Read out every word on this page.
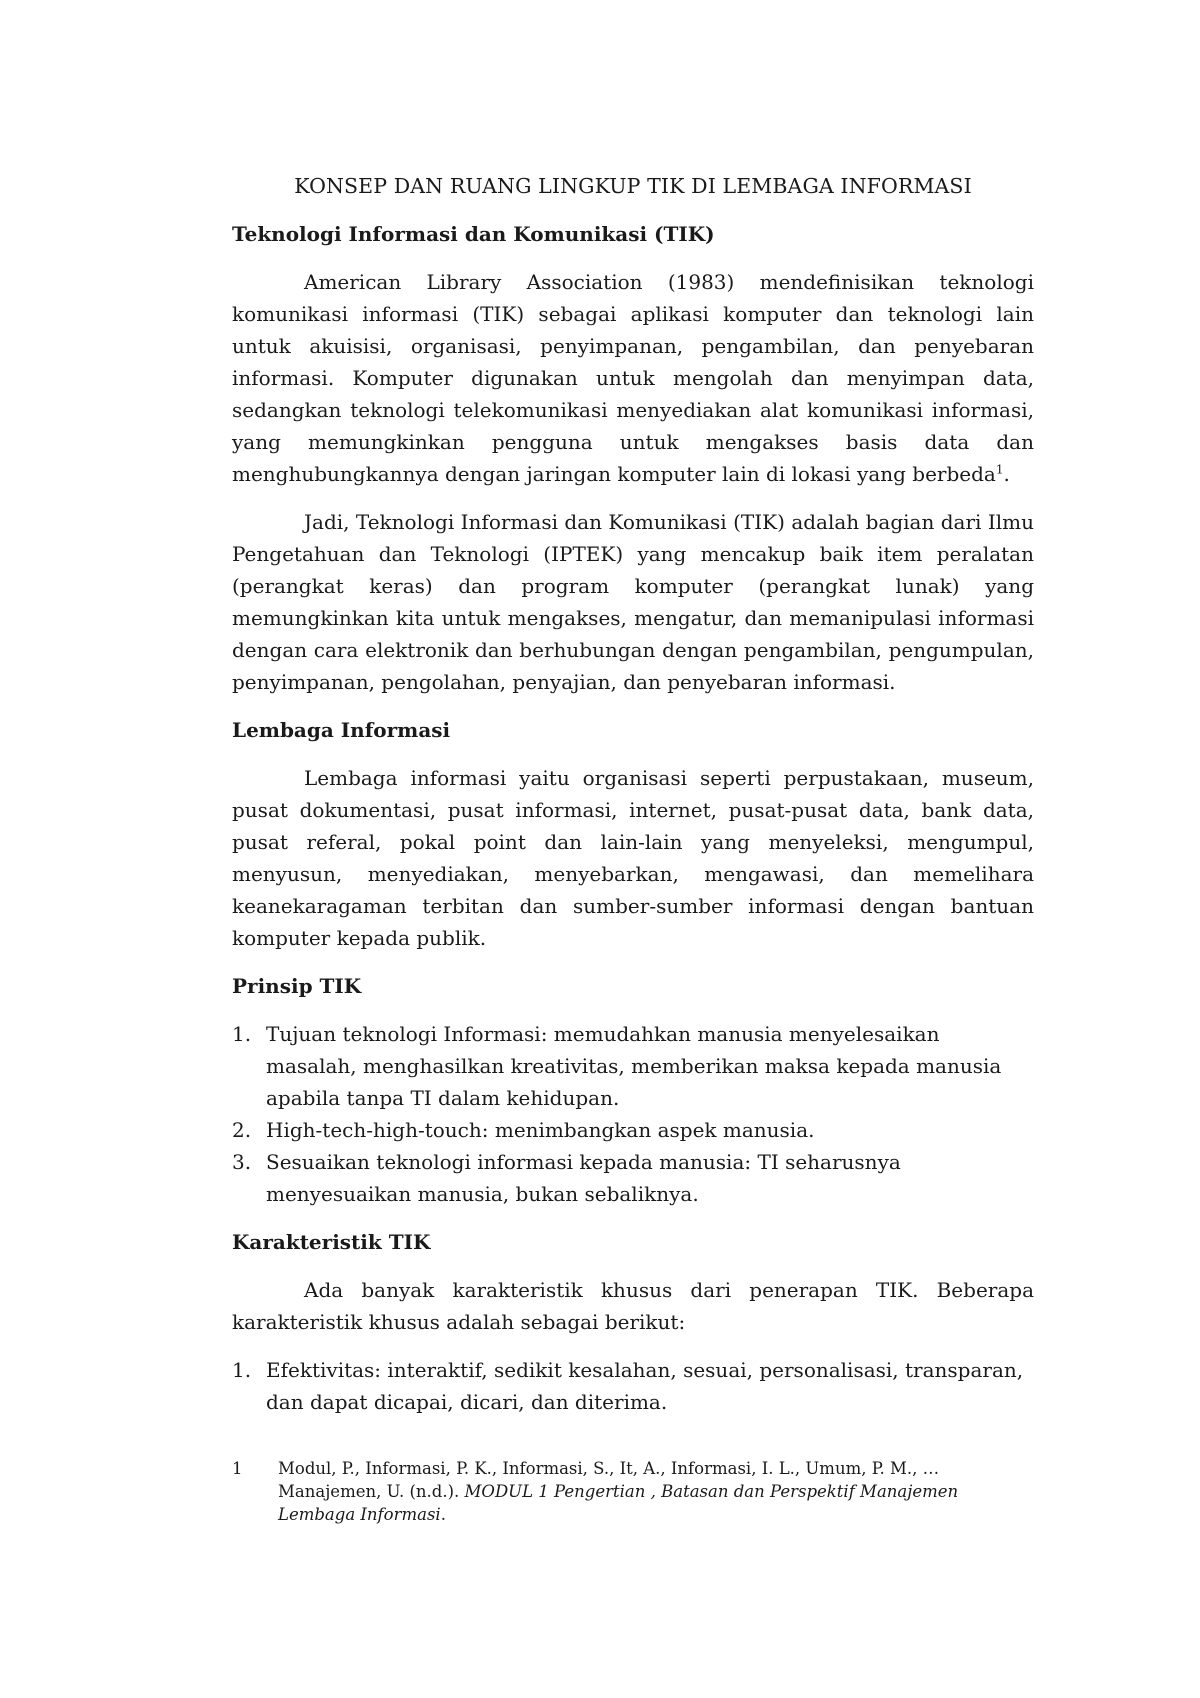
KONSEP DAN RUANG LINGKUP TIK DI LEMBAGA INFORMASI
Teknologi Informasi dan Komunikasi (TIK)

American Library Association (1983) mendefinisikan teknologi komunikasi informasi (TIK) sebagai aplikasi komputer dan teknologi lain untuk akuisisi, organisasi, penyimpanan, pengambilan, dan penyebaran informasi. Komputer digunakan untuk mengolah dan menyimpan data, sedangkan teknologi telekomunikasi menyediakan alat komunikasi informasi, yang memungkinkan pengguna untuk mengakses basis data dan menghubungkannya dengan jaringan komputer lain di lokasi yang berbeda$^1$.

Jadi, Teknologi Informasi dan Komunikasi (TIK) adalah bagian dari Ilmu Pengetahuan dan Teknologi (IPTEK) yang mencakup baik item peralatan (perangkat keras) dan program komputer (perangkat lunak) yang memungkinkan kita untuk mengakses, mengatur, dan memanipulasi informasi dengan cara elektronik dan berhubungan dengan pengambilan, pengumpulan, penyimpanan, pengolahan, penyajian, dan penyebaran informasi.

Lembaga Informasi

Lembaga informasi yaitu organisasi seperti perpustakaan, museum, pusat dokumentasi, pusat informasi, internet, pusat-pusat data, bank data, pusat referal, pokal point dan lain-lain yang menyeleksi, mengumpul, menyusun, menyediakan, menyebarkan, mengawasi, dan memelihara keanekaragaman terbitan dan sumber-sumber informasi dengan bantuan komputer kepada publik.

Prinsip TIK
1. Tujuan teknologi Informasi: memudahkan manusia menyelesaikan masalah, menghasilkan kreativitas, memberikan maksa kepada manusia apabila tanpa TI dalam kehidupan.
2. High-tech-high-touch: menimbangkan aspek manusia.
3. Sesuaikan teknologi informasi kepada manusia: TI seharusnya menyesuaikan manusia, bukan sebaliknya.
Karakteristik TIK

Ada banyak karakteristik khusus dari penerapan TIK. Beberapa karakteristik khusus adalah sebagai berikut:

1. Efektivitas: interaktif, sedikit kesalahan, sesuai, personalisasi, transparan, dan dapat dicapai, dicari, dan diterima.
1	Modul, P., Informasi, P. K., Informasi, S., It, A., Informasi, I. L., Umum, P. M., … Manajemen, U. (n.d.). MODUL 1 Pengertian , Batasan dan Perspektif Manajemen Lembaga Informasi.
